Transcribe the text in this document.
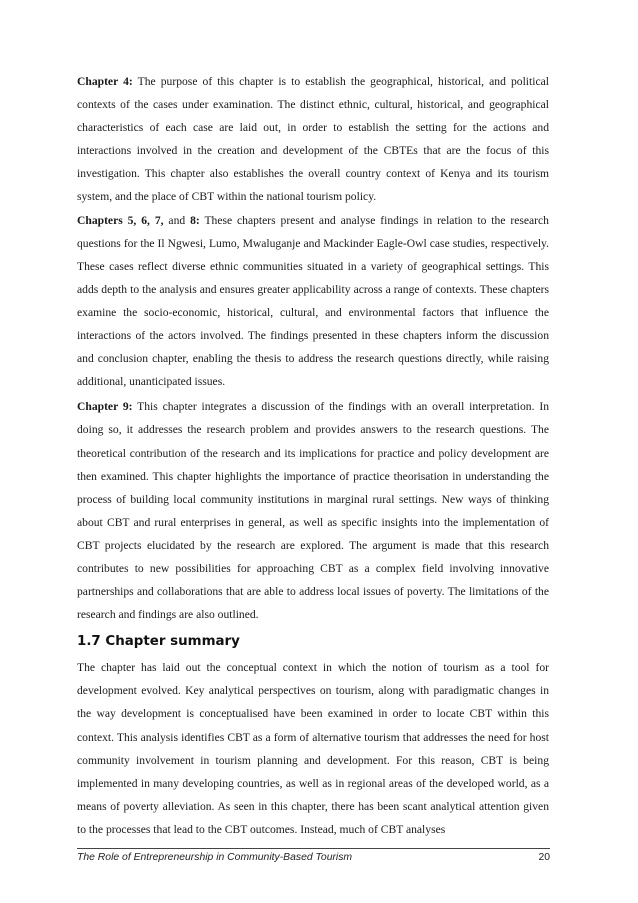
Chapter 4: The purpose of this chapter is to establish the geographical, historical, and political contexts of the cases under examination. The distinct ethnic, cultural, historical, and geographical characteristics of each case are laid out, in order to establish the setting for the actions and interactions involved in the creation and development of the CBTEs that are the focus of this investigation. This chapter also establishes the overall country context of Kenya and its tourism system, and the place of CBT within the national tourism policy.

Chapters 5, 6, 7, and 8: These chapters present and analyse findings in relation to the research questions for the Il Ngwesi, Lumo, Mwaluganje and Mackinder Eagle-Owl case studies, respectively. These cases reflect diverse ethnic communities situated in a variety of geographical settings. This adds depth to the analysis and ensures greater applicability across a range of contexts. These chapters examine the socio-economic, historical, cultural, and environmental factors that influence the interactions of the actors involved. The findings presented in these chapters inform the discussion and conclusion chapter, enabling the thesis to address the research questions directly, while raising additional, unanticipated issues.

Chapter 9: This chapter integrates a discussion of the findings with an overall interpretation. In doing so, it addresses the research problem and provides answers to the research questions. The theoretical contribution of the research and its implications for practice and policy development are then examined. This chapter highlights the importance of practice theorisation in understanding the process of building local community institutions in marginal rural settings. New ways of thinking about CBT and rural enterprises in general, as well as specific insights into the implementation of CBT projects elucidated by the research are explored. The argument is made that this research contributes to new possibilities for approaching CBT as a complex field involving innovative partnerships and collaborations that are able to address local issues of poverty. The limitations of the research and findings are also outlined.

1.7 Chapter summary

The chapter has laid out the conceptual context in which the notion of tourism as a tool for development evolved. Key analytical perspectives on tourism, along with paradigmatic changes in the way development is conceptualised have been examined in order to locate CBT within this context. This analysis identifies CBT as a form of alternative tourism that addresses the need for host community involvement in tourism planning and development. For this reason, CBT is being implemented in many developing countries, as well as in regional areas of the developed world, as a means of poverty alleviation. As seen in this chapter, there has been scant analytical attention given to the processes that lead to the CBT outcomes. Instead, much of CBT analyses

The Role of Entrepreneurship in Community-Based Tourism	20
